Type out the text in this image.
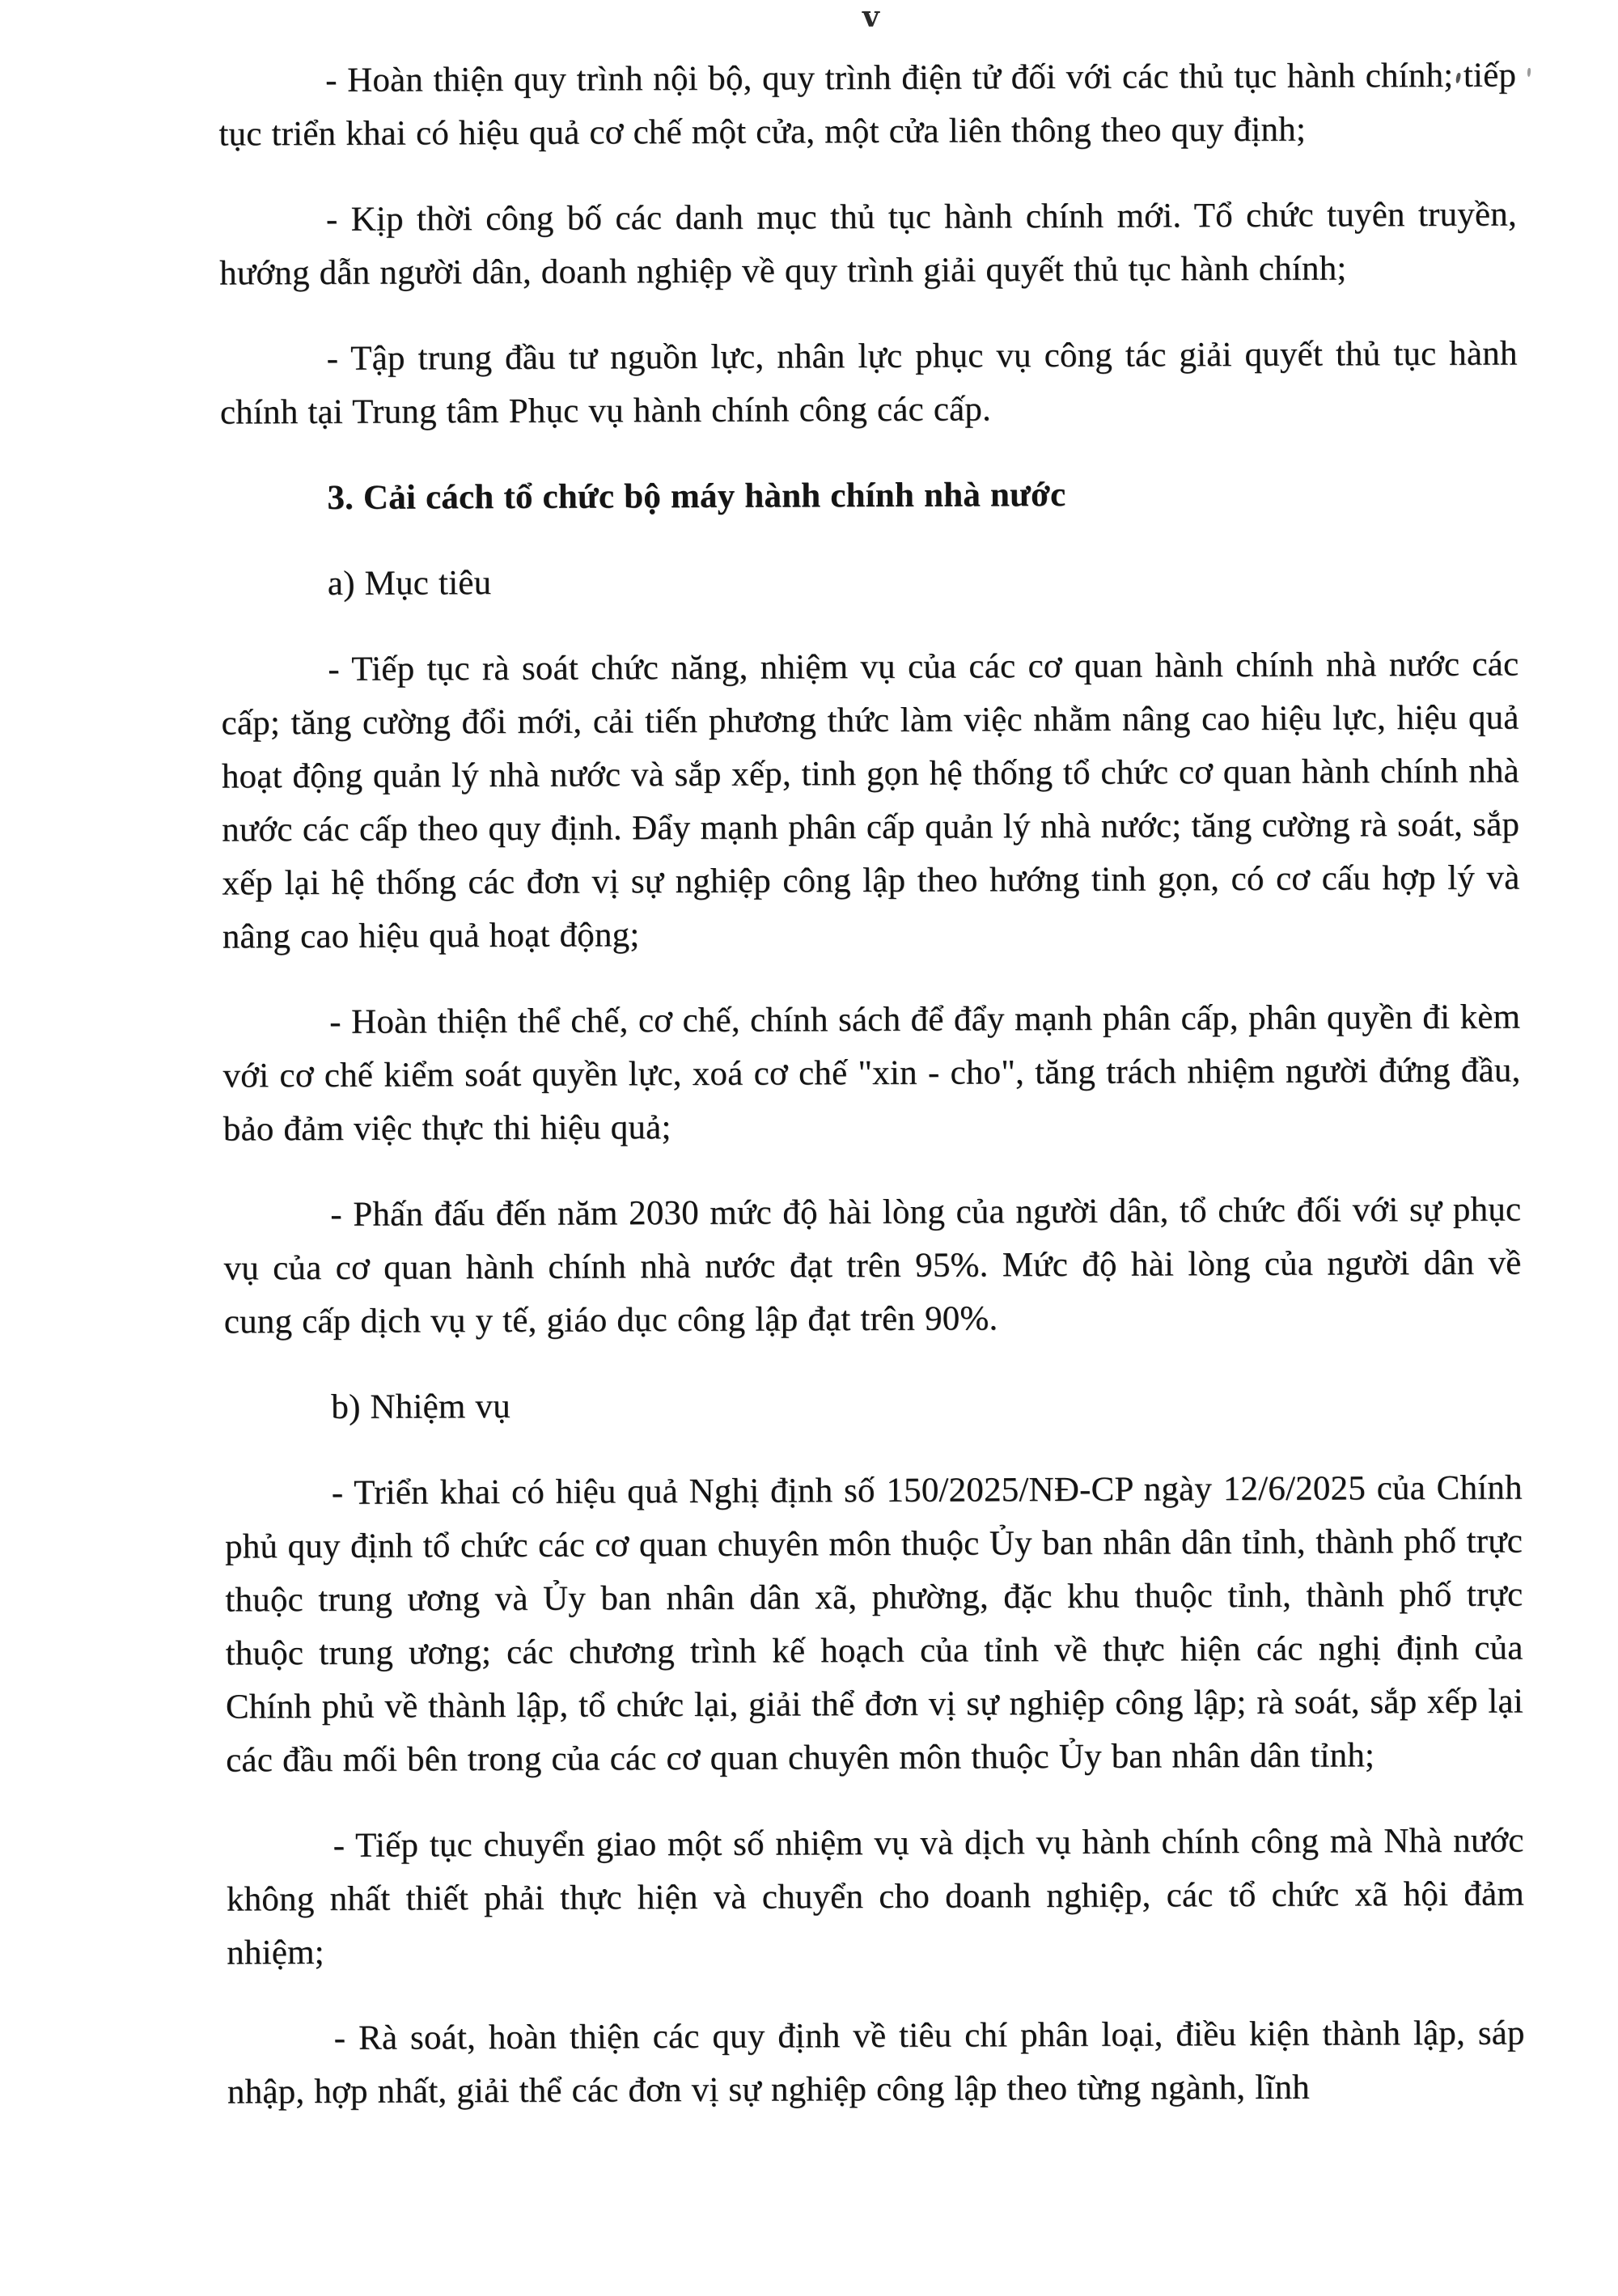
v

- Hoàn thiện quy trình nội bộ, quy trình điện tử đối với các thủ tục hành chính; tiếp tục triển khai có hiệu quả cơ chế một cửa, một cửa liên thông theo quy định;

- Kịp thời công bố các danh mục thủ tục hành chính mới. Tổ chức tuyên truyền, hướng dẫn người dân, doanh nghiệp về quy trình giải quyết thủ tục hành chính;

- Tập trung đầu tư nguồn lực, nhân lực phục vụ công tác giải quyết thủ tục hành chính tại Trung tâm Phục vụ hành chính công các cấp.

3. Cải cách tổ chức bộ máy hành chính nhà nước

a) Mục tiêu

- Tiếp tục rà soát chức năng, nhiệm vụ của các cơ quan hành chính nhà nước các cấp; tăng cường đổi mới, cải tiến phương thức làm việc nhằm nâng cao hiệu lực, hiệu quả hoạt động quản lý nhà nước và sắp xếp, tinh gọn hệ thống tổ chức cơ quan hành chính nhà nước các cấp theo quy định. Đẩy mạnh phân cấp quản lý nhà nước; tăng cường rà soát, sắp xếp lại hệ thống các đơn vị sự nghiệp công lập theo hướng tinh gọn, có cơ cấu hợp lý và nâng cao hiệu quả hoạt động;

- Hoàn thiện thể chế, cơ chế, chính sách để đẩy mạnh phân cấp, phân quyền đi kèm với cơ chế kiểm soát quyền lực, xoá cơ chế "xin - cho", tăng trách nhiệm người đứng đầu, bảo đảm việc thực thi hiệu quả;

- Phấn đấu đến năm 2030 mức độ hài lòng của người dân, tổ chức đối với sự phục vụ của cơ quan hành chính nhà nước đạt trên 95%. Mức độ hài lòng của người dân về cung cấp dịch vụ y tế, giáo dục công lập đạt trên 90%.

b) Nhiệm vụ

- Triển khai có hiệu quả Nghị định số 150/2025/NĐ-CP ngày 12/6/2025 của Chính phủ quy định tổ chức các cơ quan chuyên môn thuộc Ủy ban nhân dân tỉnh, thành phố trực thuộc trung ương và Ủy ban nhân dân xã, phường, đặc khu thuộc tỉnh, thành phố trực thuộc trung ương; các chương trình kế hoạch của tỉnh về thực hiện các nghị định của Chính phủ về thành lập, tổ chức lại, giải thể đơn vị sự nghiệp công lập; rà soát, sắp xếp lại các đầu mối bên trong của các cơ quan chuyên môn thuộc Ủy ban nhân dân tỉnh;

- Tiếp tục chuyển giao một số nhiệm vụ và dịch vụ hành chính công mà Nhà nước không nhất thiết phải thực hiện và chuyển cho doanh nghiệp, các tổ chức xã hội đảm nhiệm;

- Rà soát, hoàn thiện các quy định về tiêu chí phân loại, điều kiện thành lập, sáp nhập, hợp nhất, giải thể các đơn vị sự nghiệp công lập theo từng ngành, lĩnh
